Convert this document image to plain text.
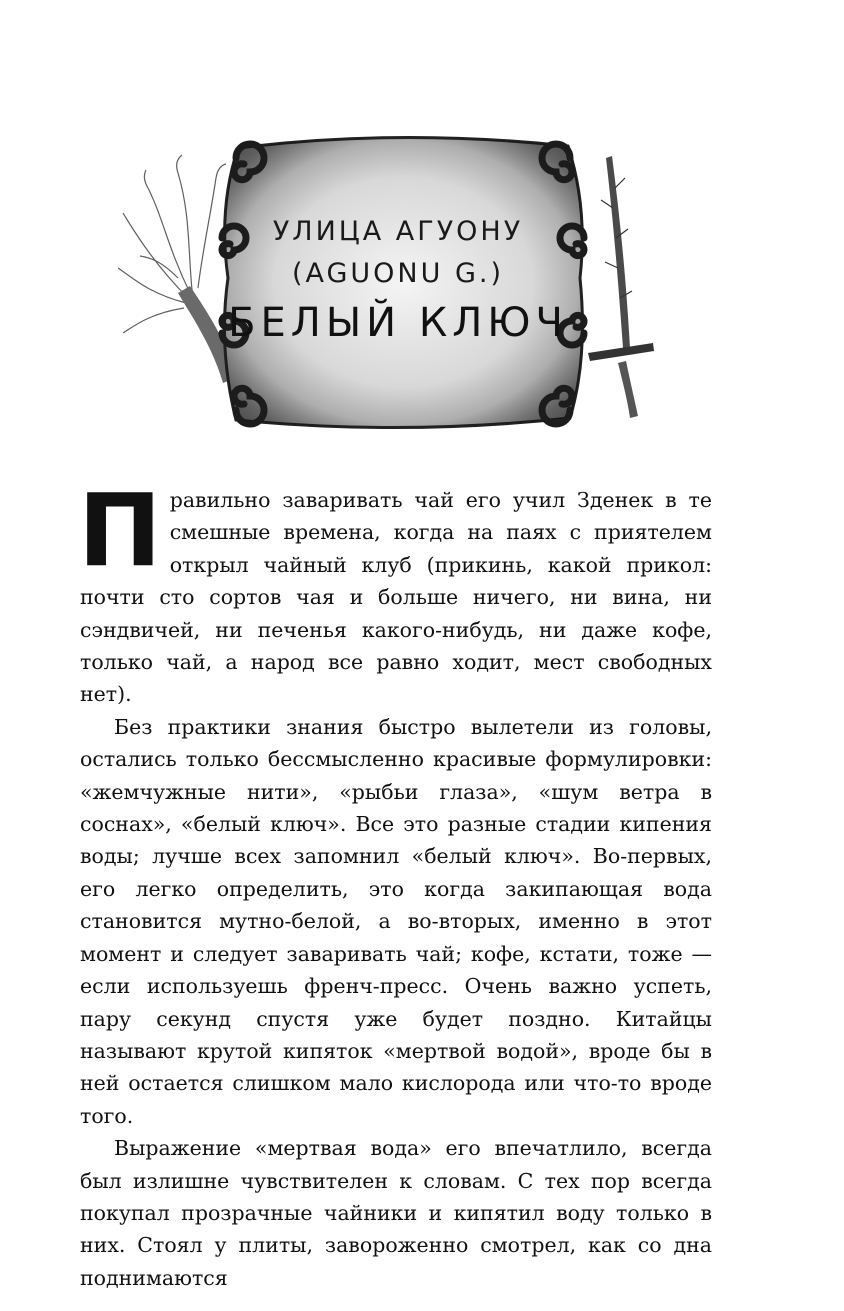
УЛИЦА АГУОНУ
(AGUONU G.)
БЕЛЫЙ КЛЮЧ

Правильно заваривать чай его учил Зденек в те смешные времена, когда на паях с приятелем открыл чайный клуб (прикинь, какой прикол: почти сто сортов чая и больше ничего, ни вина, ни сэндвичей, ни печенья какого-нибудь, ни даже кофе, только чай, а народ все равно ходит, мест свободных нет).

Без практики знания быстро вылетели из головы, остались только бессмысленно красивые формулировки: «жемчужные нити», «рыбьи глаза», «шум ветра в соснах», «белый ключ». Все это разные стадии кипения воды; лучше всех запомнил «белый ключ». Во-первых, его легко определить, это когда закипающая вода становится мутно-белой, а во-вторых, именно в этот момент и следует заваривать чай; кофе, кстати, тоже — если используешь френч-пресс. Очень важно успеть, пару секунд спустя уже будет поздно. Китайцы называют крутой кипяток «мертвой водой», вроде бы в ней остается слишком мало кислорода или что-то вроде того.

Выражение «мертвая вода» его впечатлило, всегда был излишне чувствителен к словам. С тех пор всегда покупал прозрачные чайники и кипятил воду только в них. Стоял у плиты, завороженно смотрел, как со дна поднимаются
